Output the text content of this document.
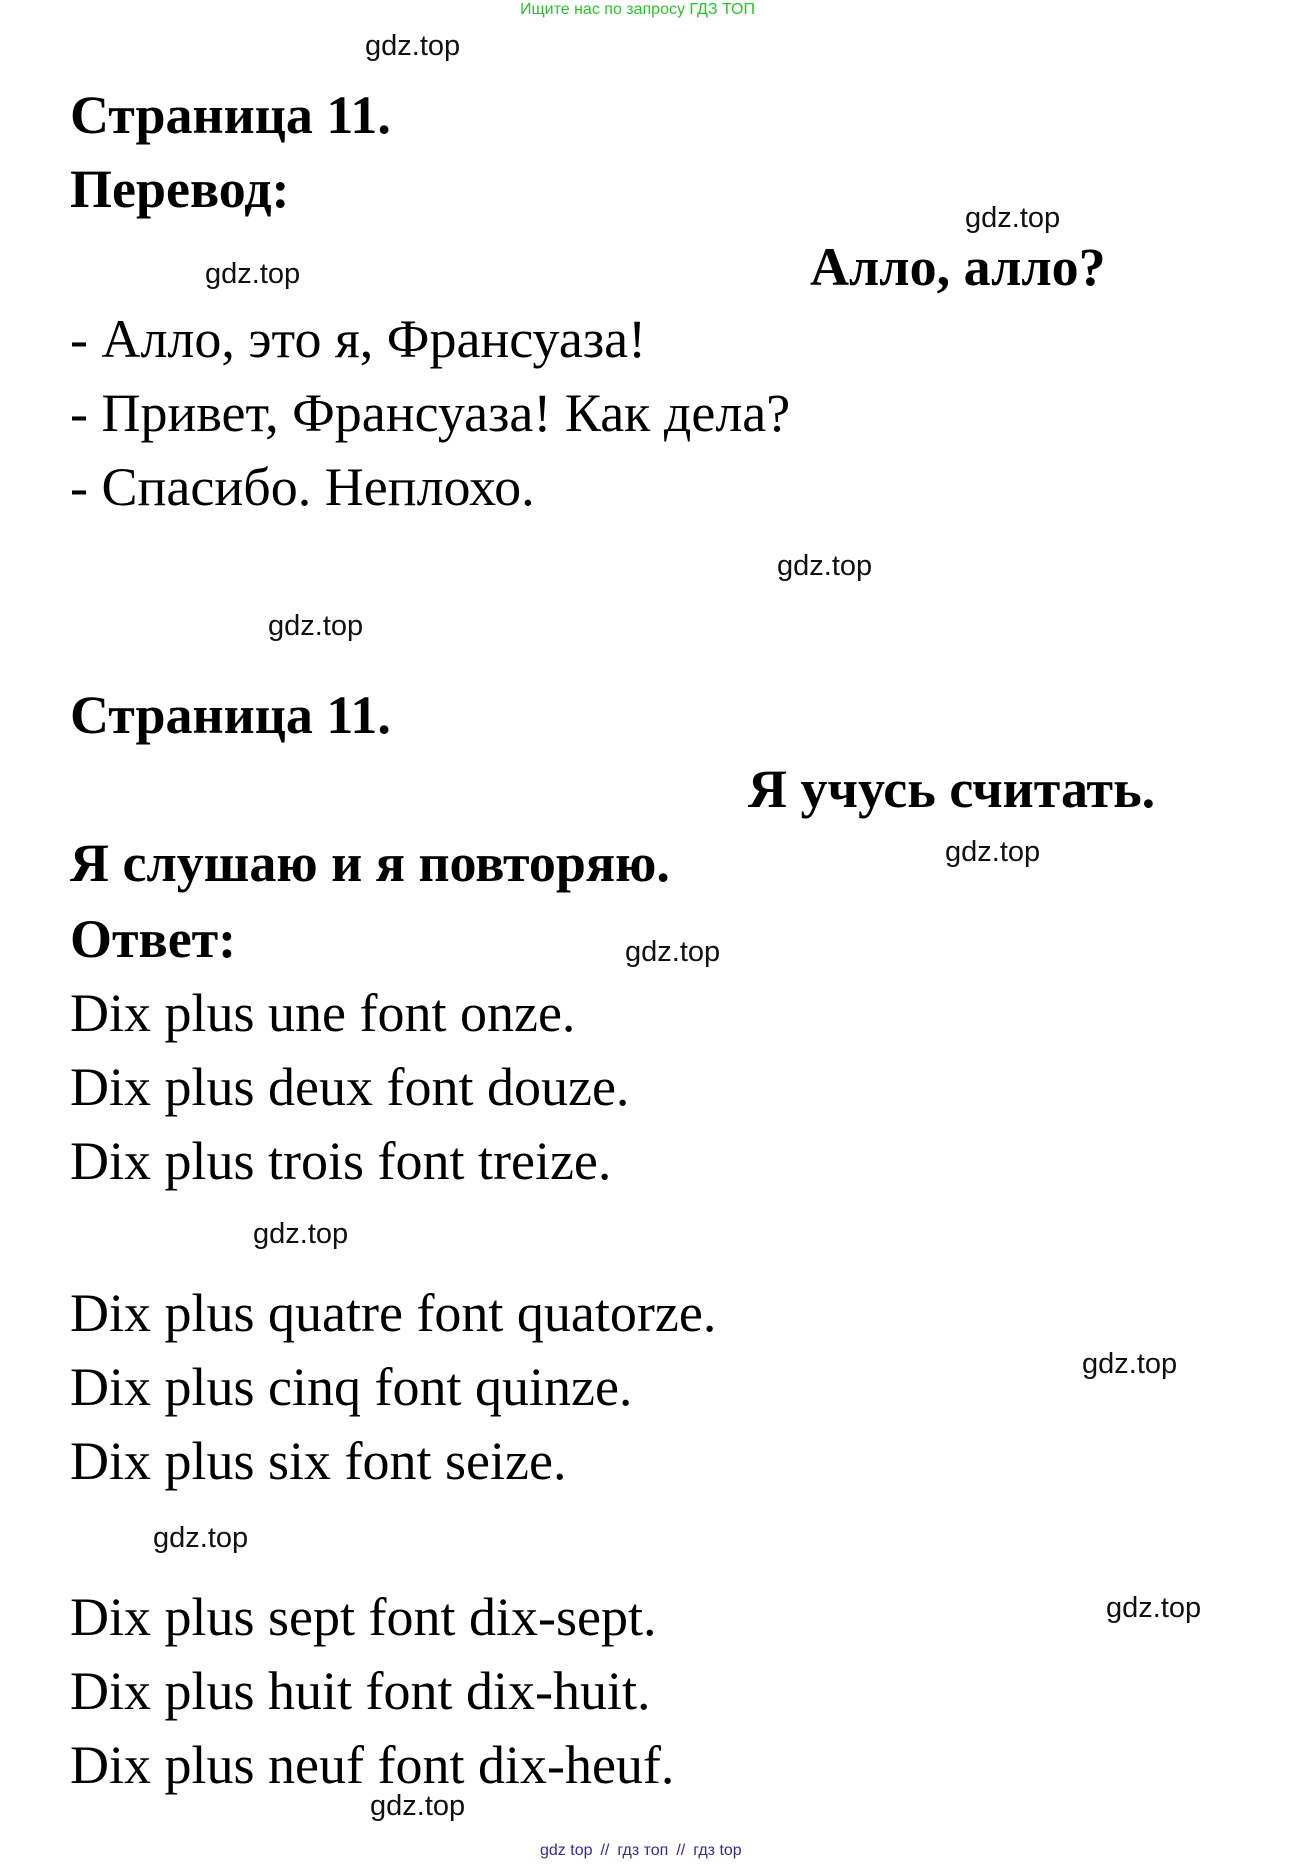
Ищите нас по запросу ГДЗ ТОП
Страница 11.
Перевод:
Алло, алло?
- Алло, это я, Франсуаза!
- Привет, Франсуаза! Как дела?
- Спасибо. Неплохо.
Страница 11.
Я учусь считать.
Я слушаю и я повторяю.
Ответ:
Dix plus une font onze.
Dix plus deux font douze.
Dix plus trois font treize.
Dix plus quatre font quatorze.
Dix plus cinq font quinze.
Dix plus six font seize.
Dix plus sept font dix-sept.
Dix plus huit font dix-huit.
Dix plus neuf font dix-heuf.
gdz.top
gdz.top
gdz.top
gdz.top
gdz.top
gdz.top
gdz.top
gdz.top
gdz.top
gdz.top
gdz.top
gdz.top
gdz top // гдз топ // гдз top
